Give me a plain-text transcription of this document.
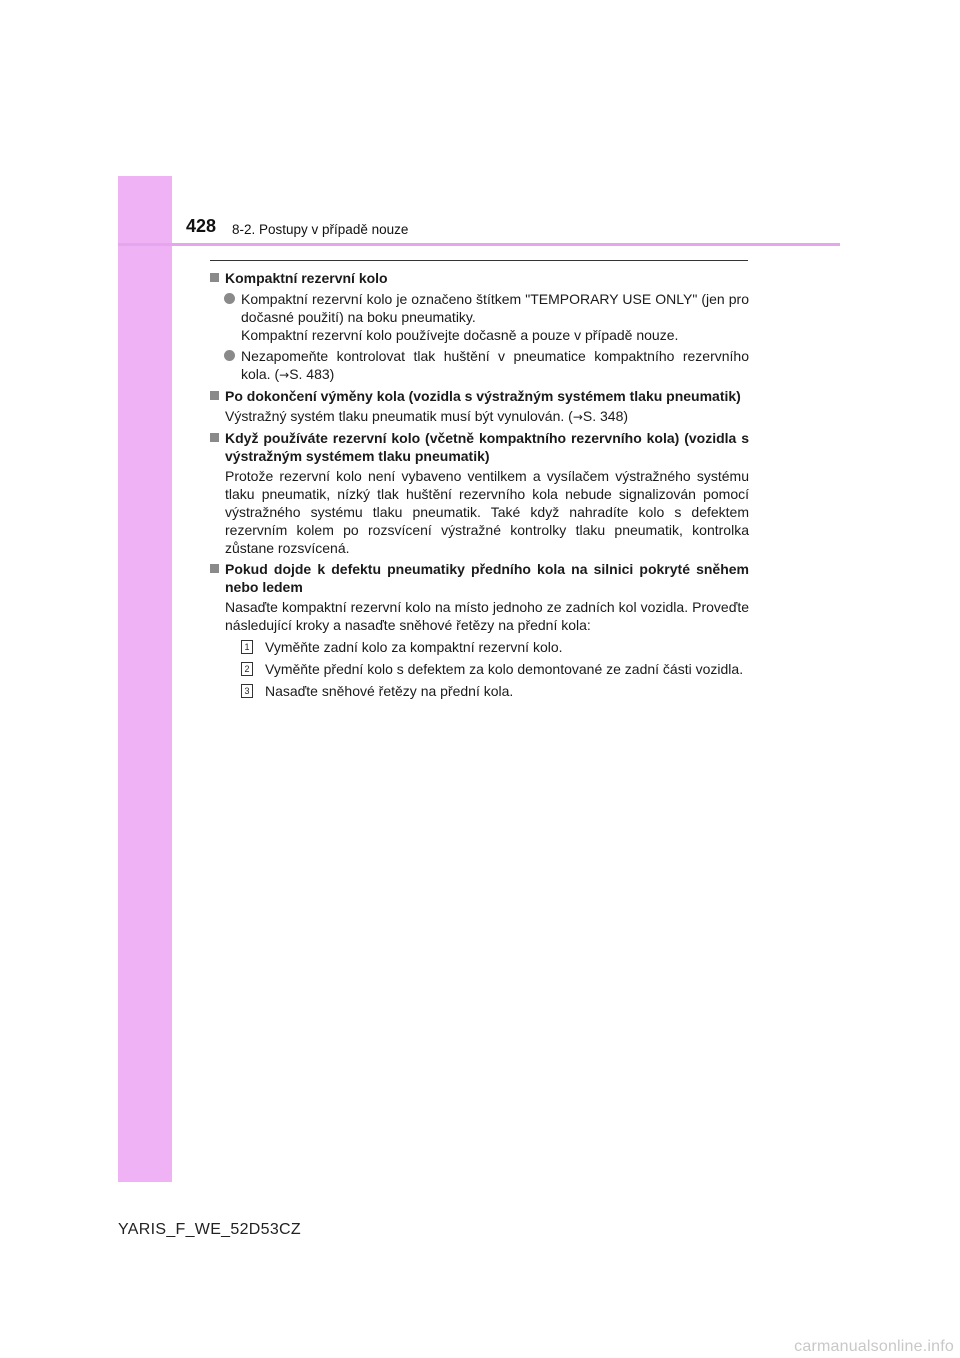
428 8-2. Postupy v případě nouze
Kompaktní rezervní kolo
Kompaktní rezervní kolo je označeno štítkem "TEMPORARY USE ONLY" (jen pro dočasné použití) na boku pneumatiky.
Kompaktní rezervní kolo používejte dočasně a pouze v případě nouze.
Nezapomeňte kontrolovat tlak huštění v pneumatice kompaktního rezervního kola. (→S. 483)
Po dokončení výměny kola (vozidla s výstražným systémem tlaku pneumatik)
Výstražný systém tlaku pneumatik musí být vynulován. (→S. 348)
Když používáte rezervní kolo (včetně kompaktního rezervního kola) (vozidla s výstražným systémem tlaku pneumatik)
Protože rezervní kolo není vybaveno ventilkem a vysílačem výstražného systému tlaku pneumatik, nízký tlak huštění rezervního kola nebude signalizován pomocí výstražného systému tlaku pneumatik. Také když nahradíte kolo s defektem rezervním kolem po rozsvícení výstražné kontrolky tlaku pneumatik, kontrolka zůstane rozsvícená.
Pokud dojde k defektu pneumatiky předního kola na silnici pokryté sněhem nebo ledem
Nasaďte kompaktní rezervní kolo na místo jednoho ze zadních kol vozidla. Proveďte následující kroky a nasaďte sněhové řetězy na přední kola:
1 Vyměňte zadní kolo za kompaktní rezervní kolo.
2 Vyměňte přední kolo s defektem za kolo demontované ze zadní části vozidla.
3 Nasaďte sněhové řetězy na přední kola.
YARIS_F_WE_52D53CZ
carmanualsonline.info
